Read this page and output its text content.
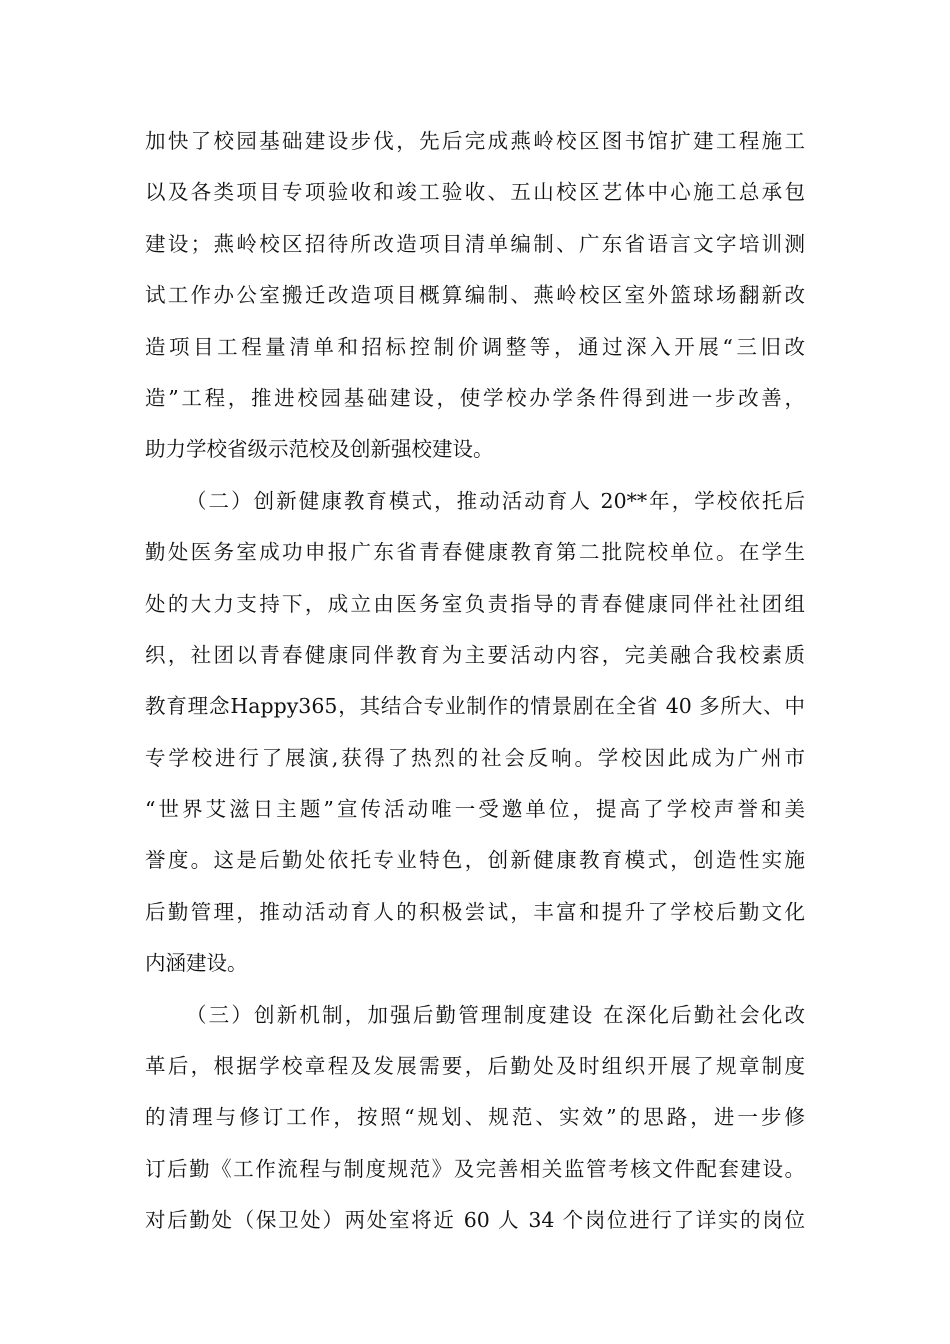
加快了校园基础建设步伐，先后完成燕岭校区图书馆扩建工程施工
以及各类项目专项验收和竣工验收、五山校区艺体中心施工总承包
建设；燕岭校区招待所改造项目清单编制、广东省语言文字培训测
试工作办公室搬迁改造项目概算编制、燕岭校区室外篮球场翻新改
造项目工程量清单和招标控制价调整等，通过深入开展“三旧改
造”工程，推进校园基础建设，使学校办学条件得到进一步改善，
助力学校省级示范校及创新强校建设。
（二）创新健康教育模式，推动活动育人 20**年，学校依托后
勤处医务室成功申报广东省青春健康教育第二批院校单位。在学生
处的大力支持下，成立由医务室负责指导的青春健康同伴社社团组
织，社团以青春健康同伴教育为主要活动内容，完美融合我校素质
教育理念Happy365，其结合专业制作的情景剧在全省 40 多所大、中
专学校进行了展演,获得了热烈的社会反响。学校因此成为广州市
“世界艾滋日主题”宣传活动唯一受邀单位，提高了学校声誉和美
誉度。这是后勤处依托专业特色，创新健康教育模式，创造性实施
后勤管理，推动活动育人的积极尝试，丰富和提升了学校后勤文化
内涵建设。
（三）创新机制，加强后勤管理制度建设 在深化后勤社会化改
革后，根据学校章程及发展需要，后勤处及时组织开展了规章制度
的清理与修订工作，按照“规划、规范、实效”的思路，进一步修
订后勤《工作流程与制度规范》及完善相关监管考核文件配套建设。
对后勤处（保卫处）两处室将近 60 人 34 个岗位进行了详实的岗位
